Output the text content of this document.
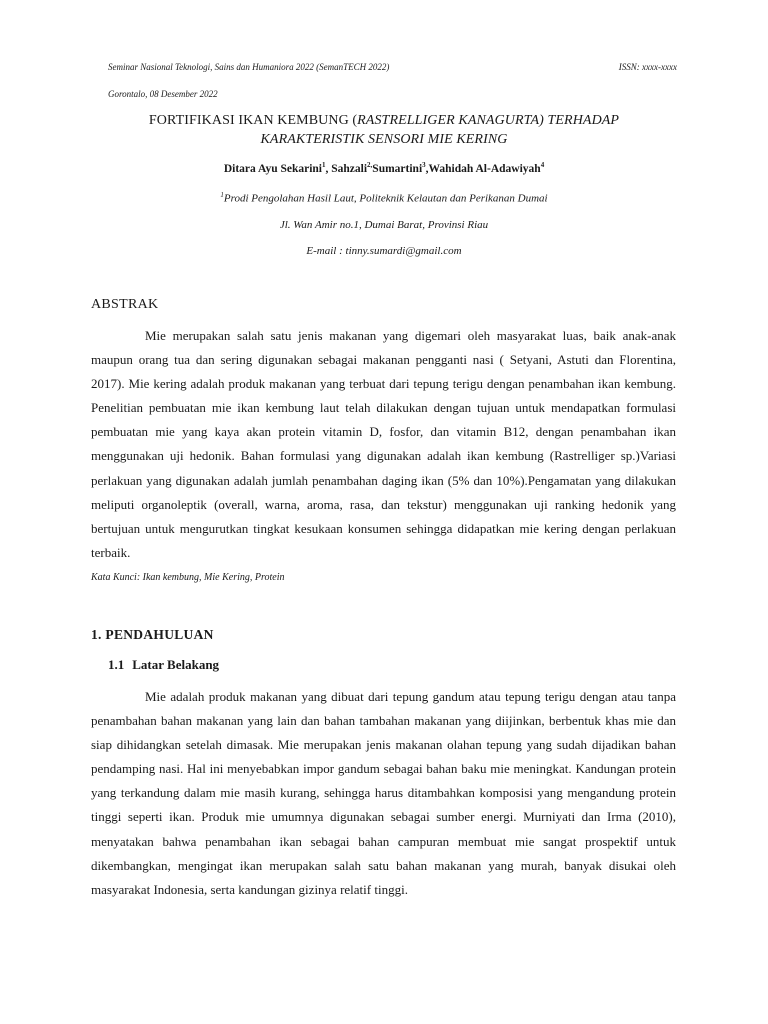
Seminar Nasional Teknologi, Sains dan Humaniora 2022 (SemanTECH 2022)	ISSN: xxxx-xxxx
Gorontalo, 08 Desember 2022
FORTIFIKASI IKAN KEMBUNG (RASTRELLIGER KANAGURTA) TERHADAP
KARAKTERISTIK SENSORI MIE KERING
Ditara Ayu Sekarini$^1$, Sahzali$^{2,}$Sumartini$^3$,Wahidah Al-Adawiyah$^4$
$^1$Prodi Pengolahan Hasil Laut, Politeknik Kelautan dan Perikanan Dumai
Jl. Wan Amir no.1, Dumai Barat, Provinsi Riau
E-mail : tinny.sumardi@gmail.com
ABSTRAK

Mie merupakan salah satu jenis makanan yang digemari oleh masyarakat luas, baik anak-anak maupun orang tua dan sering digunakan sebagai makanan pengganti nasi ( Setyani, Astuti dan Florentina, 2017). Mie kering adalah produk makanan yang terbuat dari tepung terigu dengan penambahan ikan kembung. Penelitian pembuatan mie ikan kembung laut telah dilakukan dengan tujuan untuk mendapatkan formulasi pembuatan mie yang kaya akan protein vitamin D, fosfor, dan vitamin B12, dengan penambahan ikan menggunakan uji hedonik. Bahan formulasi yang digunakan adalah ikan kembung (Rastrelliger sp.)Variasi perlakuan yang digunakan adalah jumlah penambahan daging ikan (5% dan 10%).Pengamatan yang dilakukan meliputi organoleptik (overall, warna, aroma, rasa, dan tekstur) menggunakan uji ranking hedonik yang bertujuan untuk mengurutkan tingkat kesukaan konsumen sehingga didapatkan mie kering dengan perlakuan terbaik.

Kata Kunci: Ikan kembung, Mie Kering, Protein
1. PENDAHULUAN
1.1 Latar Belakang

Mie adalah produk makanan yang dibuat dari tepung gandum atau tepung terigu dengan atau tanpa penambahan bahan makanan yang lain dan bahan tambahan makanan yang diijinkan, berbentuk khas mie dan siap dihidangkan setelah dimasak. Mie merupakan jenis makanan olahan tepung yang sudah dijadikan bahan pendamping nasi. Hal ini menyebabkan impor gandum sebagai bahan baku mie meningkat. Kandungan protein yang terkandung dalam mie masih kurang, sehingga harus ditambahkan komposisi yang mengandung protein tinggi seperti ikan. Produk mie umumnya digunakan sebagai sumber energi. Murniyati dan Irma (2010), menyatakan bahwa penambahan ikan sebagai bahan campuran membuat mie sangat prospektif untuk dikembangkan, mengingat ikan merupakan salah satu bahan makanan yang murah, banyak disukai oleh masyarakat Indonesia, serta kandungan gizinya relatif tinggi.
